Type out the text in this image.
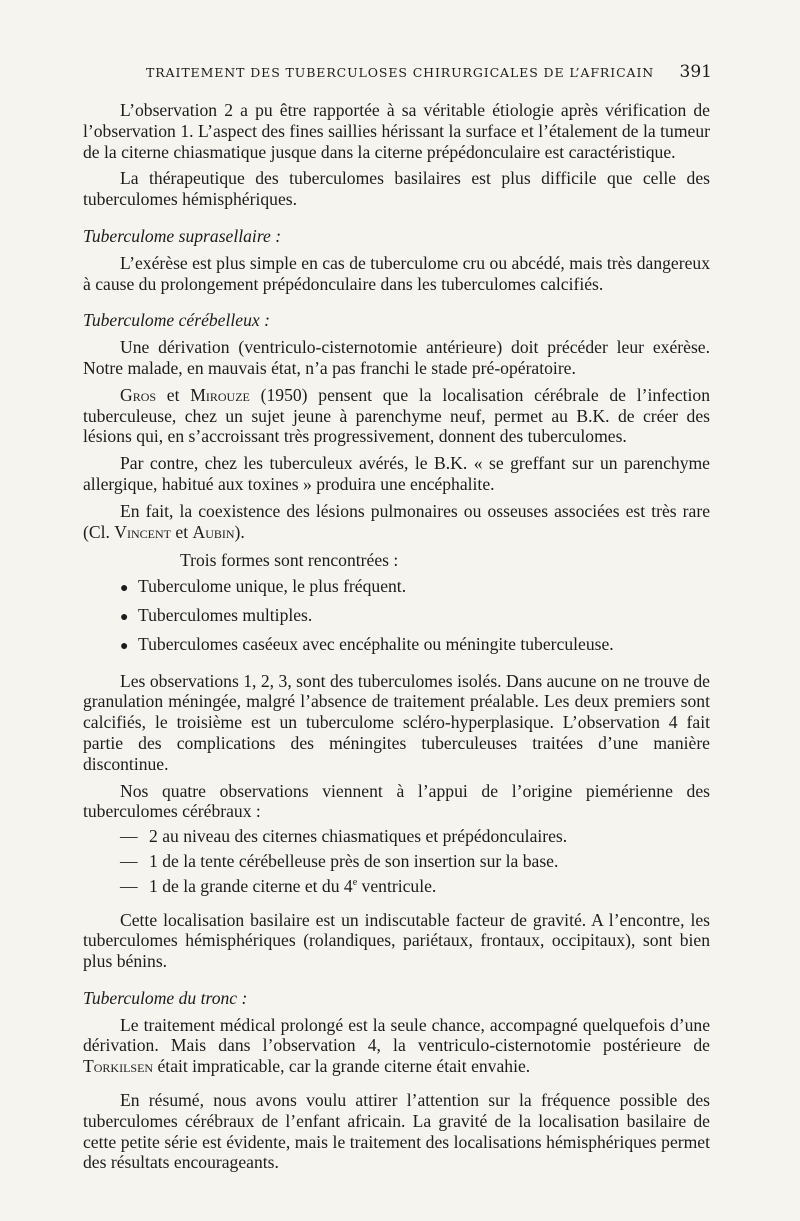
TRAITEMENT DES TUBERCULOSES CHIRURGICALES DE L’AFRICAIN 391

L’observation 2 a pu être rapportée à sa véritable étiologie après vérification de l’observation 1. L’aspect des fines saillies hérissant la surface et l’étalement de la tumeur de la citerne chiasmatique jusque dans la citerne prépédonculaire est caractéristique.

La thérapeutique des tuberculomes basilaires est plus difficile que celle des tuberculomes hémisphériques.

Tuberculome suprasellaire :

L’exérèse est plus simple en cas de tuberculome cru ou abcédé, mais très dangereux à cause du prolongement prépédonculaire dans les tuberculomes calcifiés.

Tuberculome cérébelleux :

Une dérivation (ventriculo-cisternotomie antérieure) doit précéder leur exérèse. Notre malade, en mauvais état, n’a pas franchi le stade pré-opératoire.

Gros et Mirouze (1950) pensent que la localisation cérébrale de l’infection tuberculeuse, chez un sujet jeune à parenchyme neuf, permet au B.K. de créer des lésions qui, en s’accroissant très progressivement, donnent des tuberculomes.

Par contre, chez les tuberculeux avérés, le B.K. « se greffant sur un parenchyme allergique, habitué aux toxines » produira une encéphalite.

En fait, la coexistence des lésions pulmonaires ou osseuses associées est très rare (Cl. Vincent et Aubin).

Trois formes sont rencontrées :

● Tuberculome unique, le plus fréquent.
● Tuberculomes multiples.
● Tuberculomes caséeux avec encéphalite ou méningite tuberculeuse.

Les observations 1, 2, 3, sont des tuberculomes isolés. Dans aucune on ne trouve de granulation méningée, malgré l’absence de traitement préalable. Les deux premiers sont calcifiés, le troisième est un tuberculome scléro-hyperplasique. L’observation 4 fait partie des complications des méningites tuberculeuses traitées d’une manière discontinue.

Nos quatre observations viennent à l’appui de l’origine piemérienne des tuberculomes cérébraux :

— 2 au niveau des citernes chiasmatiques et prépédonculaires.
— 1 de la tente cérébelleuse près de son insertion sur la base.
— 1 de la grande citerne et du 4e ventricule.

Cette localisation basilaire est un indiscutable facteur de gravité. A l’encontre, les tuberculomes hémisphériques (rolandiques, pariétaux, frontaux, occipitaux), sont bien plus bénins.

Tuberculome du tronc :

Le traitement médical prolongé est la seule chance, accompagné quelquefois d’une dérivation. Mais dans l’observation 4, la ventriculo-cisternotomie postérieure de Torkilsen était impraticable, car la grande citerne était envahie.

En résumé, nous avons voulu attirer l’attention sur la fréquence possible des tuberculomes cérébraux de l’enfant africain. La gravité de la localisation basilaire de cette petite série est évidente, mais le traitement des localisations hémisphériques permet des résultats encourageants.
